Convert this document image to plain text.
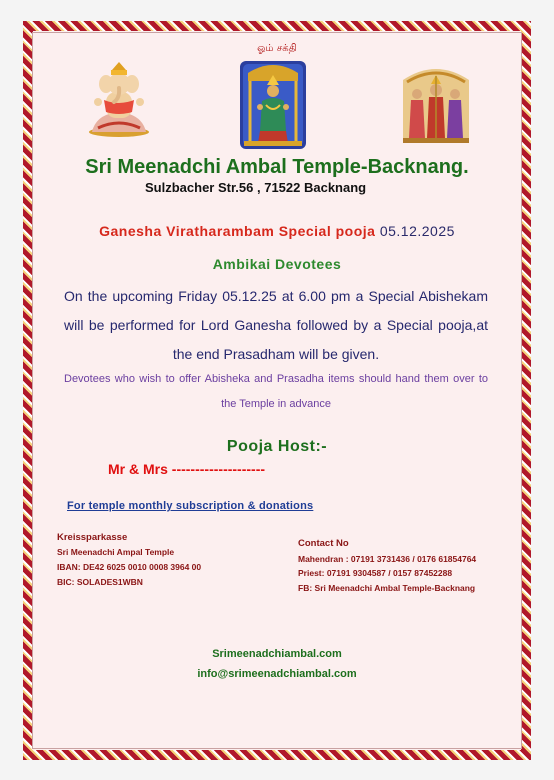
ஓம் சக்தி
Sri Meenadchi Ambal Temple-Backnang.
Sulzbacher Str.56 , 71522 Backnang
Ganesha Viratharambam Special pooja 05.12.2025
Ambikai Devotees
On the upcoming Friday 05.12.25 at 6.00 pm a Special Abishekam will be performed for Lord Ganesha followed by a Special pooja,at the end Prasadham will be given.
Devotees who wish to offer Abisheka and Prasadha items should hand them over to the Temple in advance
Pooja Host:-
Mr & Mrs --------------------
For temple monthly subscription & donations
Kreissparkasse
Sri Meenadchi Ampal Temple
IBAN: DE42 6025 0010 0008 3964 00
BIC: SOLADES1WBN
Contact No
Mahendran : 07191 3731436 / 0176 61854764
Priest: 07191 9304587 / 0157 87452288
FB: Sri Meenadchi Ambal Temple-Backnang
Srimeenadchiambal.com
info@srimeenadchiambal.com
